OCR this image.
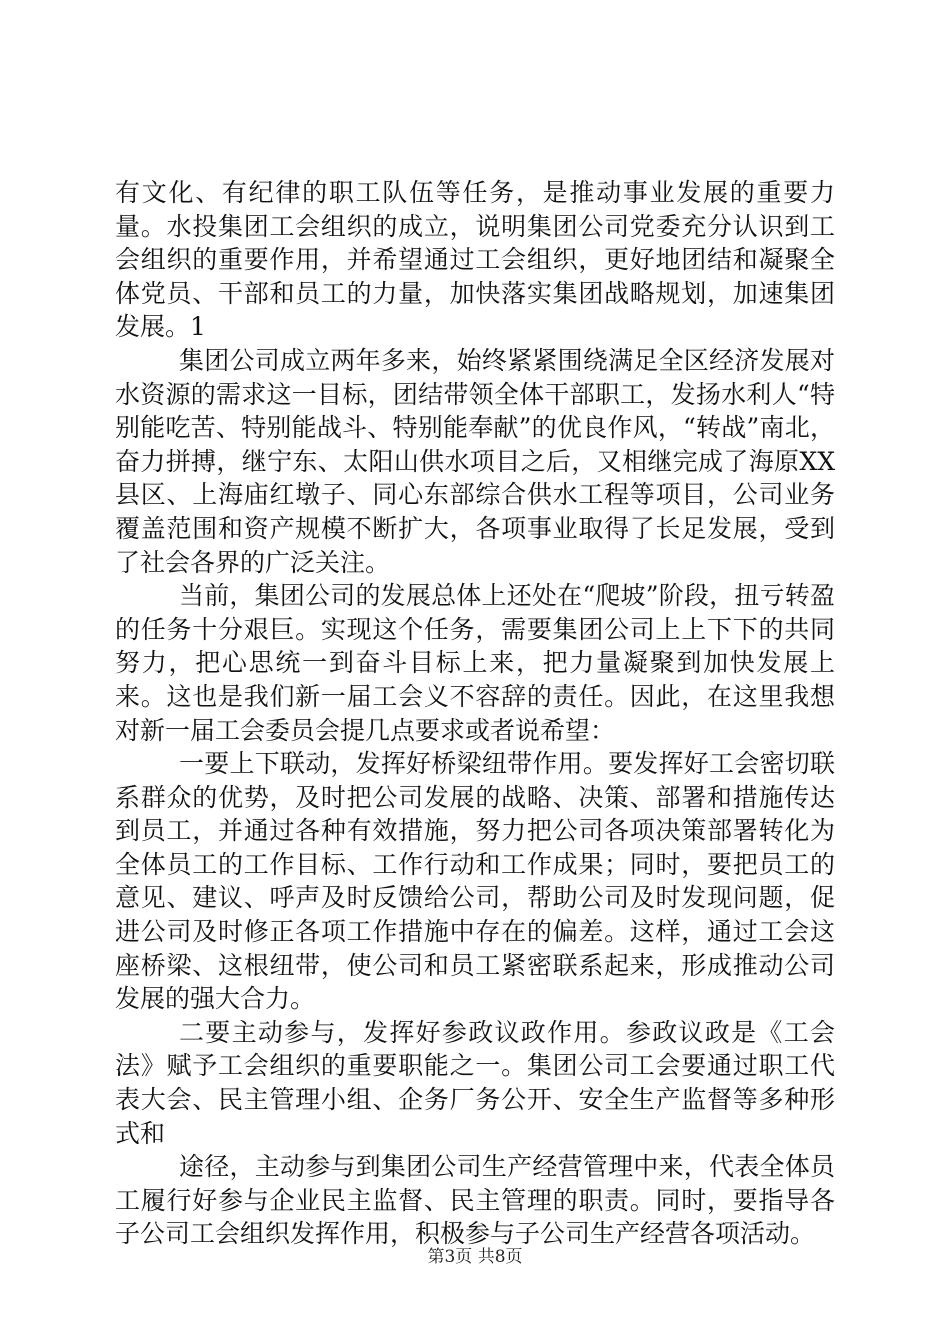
有文化、有纪律的职工队伍等任务，是推动事业发展的重要力量。水投集团工会组织的成立，说明集团公司党委充分认识到工会组织的重要作用，并希望通过工会组织，更好地团结和凝聚全体党员、干部和员工的力量，加快落实集团战略规划，加速集团发展。1

集团公司成立两年多来，始终紧紧围绕满足全区经济发展对水资源的需求这一目标，团结带领全体干部职工，发扬水利人“特别能吃苦、特别能战斗、特别能奉献”的优良作风，“转战”南北，奋力拼搏，继宁东、太阳山供水项目之后，又相继完成了海原XX县区、上海庙红墩子、同心东部综合供水工程等项目，公司业务覆盖范围和资产规模不断扩大，各项事业取得了长足发展，受到了社会各界的广泛关注。

当前，集团公司的发展总体上还处在“爬坡”阶段，扭亏转盈的任务十分艰巨。实现这个任务，需要集团公司上上下下的共同努力，把心思统一到奋斗目标上来，把力量凝聚到加快发展上来。这也是我们新一届工会义不容辞的责任。因此，在这里我想对新一届工会委员会提几点要求或者说希望：

一要上下联动，发挥好桥梁纽带作用。要发挥好工会密切联系群众的优势，及时把公司发展的战略、决策、部署和措施传达到员工，并通过各种有效措施，努力把公司各项决策部署转化为全体员工的工作目标、工作行动和工作成果；同时，要把员工的意见、建议、呼声及时反馈给公司，帮助公司及时发现问题，促进公司及时修正各项工作措施中存在的偏差。这样，通过工会这座桥梁、这根纽带，使公司和员工紧密联系起来，形成推动公司发展的强大合力。

二要主动参与，发挥好参政议政作用。参政议政是《工会法》赋予工会组织的重要职能之一。集团公司工会要通过职工代表大会、民主管理小组、企务厂务公开、安全生产监督等多种形式和

途径，主动参与到集团公司生产经营管理中来，代表全体员工履行好参与企业民主监督、民主管理的职责。同时，要指导各子公司工会组织发挥作用，积极参与子公司生产经营各项活动。

第3页 共8页
